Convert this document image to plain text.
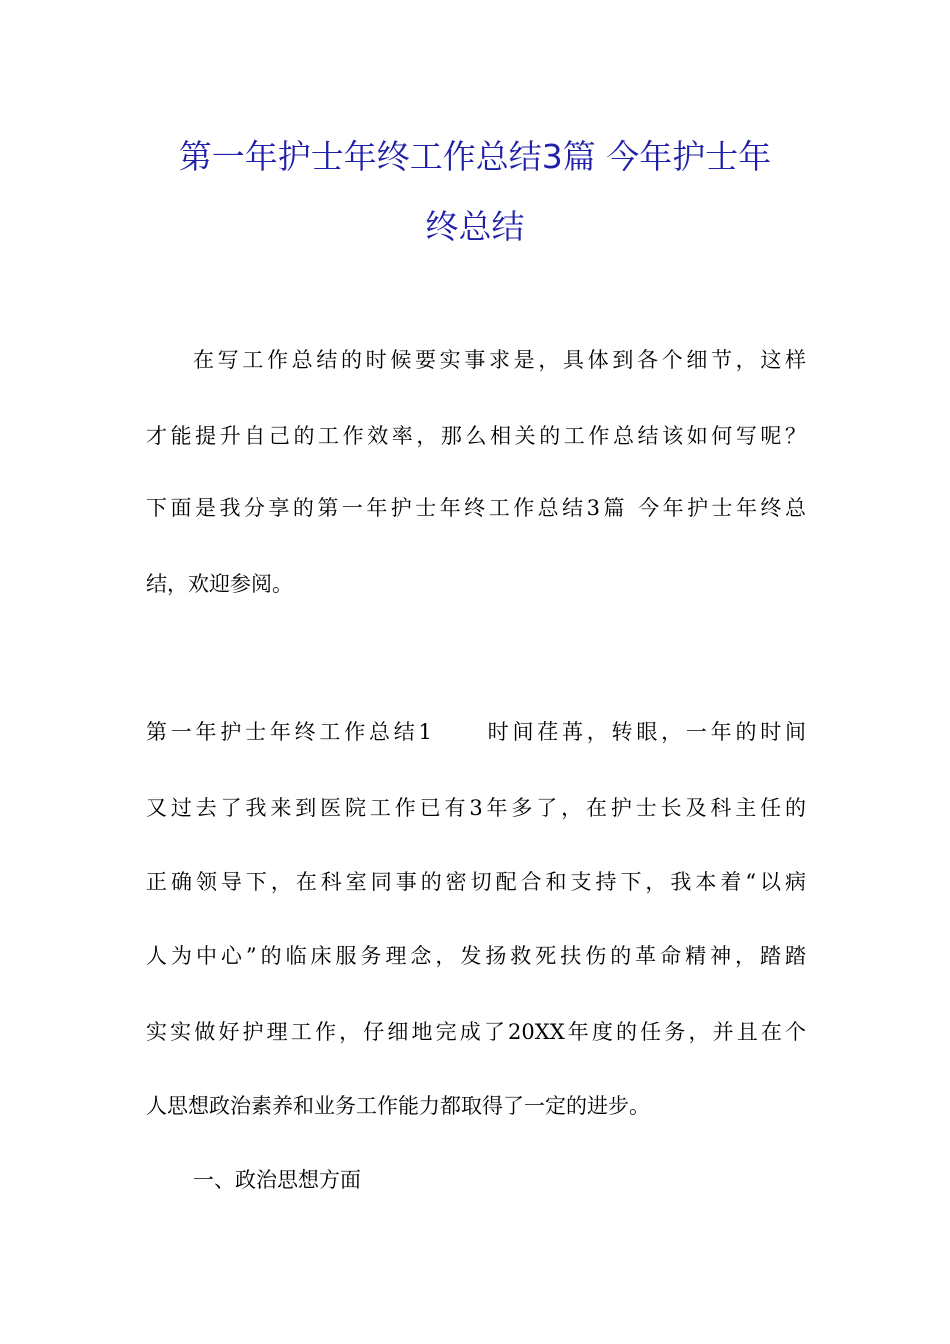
第一年护士年终工作总结3篇 今年护士年
终总结
在写工作总结的时候要实事求是，具体到各个细节，这样
才能提升自己的工作效率，那么相关的工作总结该如何写呢？
下面是我分享的第一年护士年终工作总结3篇 今年护士年终总
结，欢迎参阅。
第一年护士年终工作总结1 时间荏苒，转眼，一年的时间
又过去了我来到医院工作已有3年多了，在护士长及科主任的
正确领导下，在科室同事的密切配合和支持下，我本着“以病
人为中心”的临床服务理念，发扬救死扶伤的革命精神，踏踏
实实做好护理工作，仔细地完成了20XX年度的任务，并且在个
人思想政治素养和业务工作能力都取得了一定的进步。
一、政治思想方面
